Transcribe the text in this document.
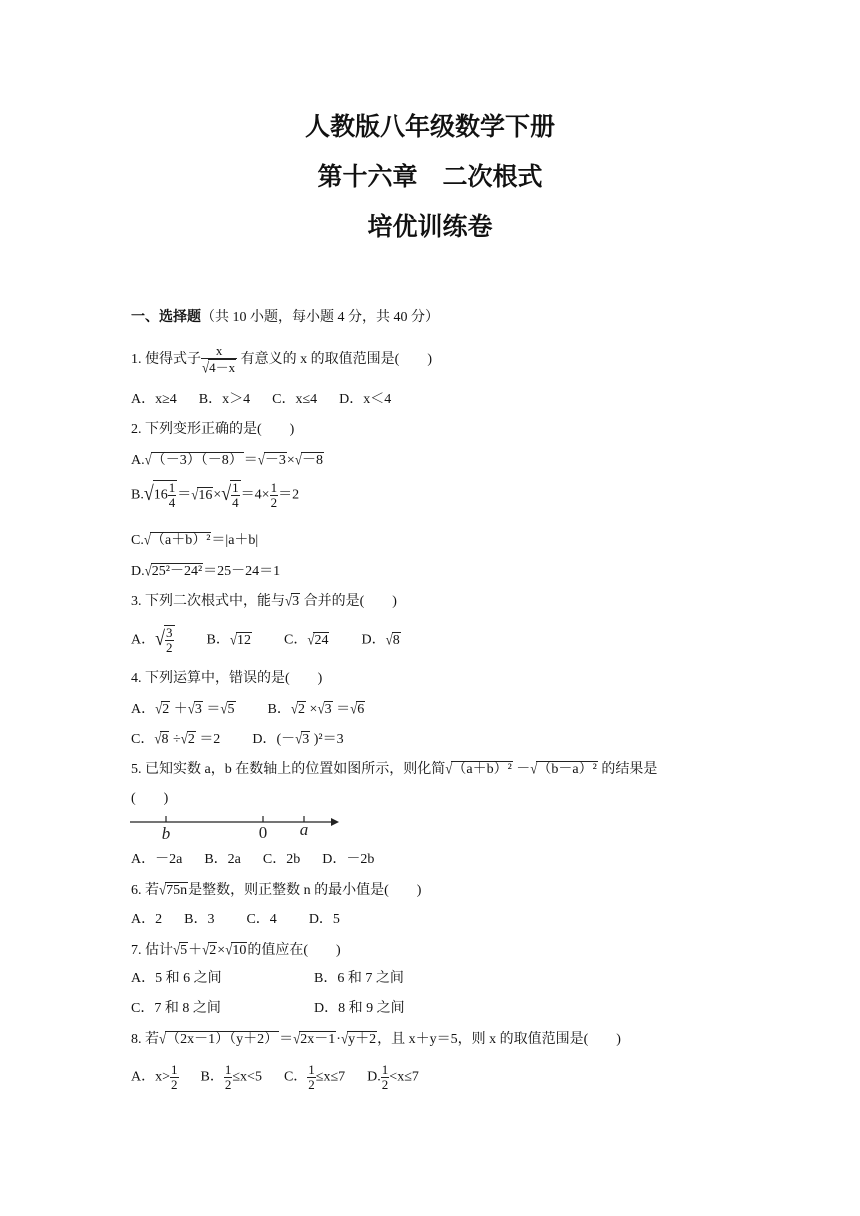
人教版八年级数学下册
第十六章　二次根式
培优训练卷
一、选择题（共 10 小题，每小题 4 分，共 40 分）
1. 使得式子 $\frac{x}{√4-x}$ 有意义的 x 的取值范围是(　　)
A．x≥4 B．x＞4 C．x≤4 D．x＜4
2. 下列变形正确的是(　　)
A.√（－3）（－8）＝√－3×√－8
$B.√16 \frac{1}{4} =√16\times√ \frac{1}{4} =4\times \frac{1}{2} =2$
C.√（a＋b）²＝|a＋b|
D.√25²－24²＝25－24＝1
3. 下列二次根式中，能与√3 合并的是(　　)
A．√ $\frac{3}{2}$ B．√12 C．√24 D．√8
4. 下列运算中，错误的是(　　)
A．√2 ＋√3 ＝√5 B．√2 ×√3 ＝√6
C．√8 ÷√2 ＝2 D．(－√3 )²＝3
5. 已知实数 a，b 在数轴上的位置如图所示，则化简√（a＋b）² －√（b－a）² 的结果是
(　　)
b	0 a
A．－2a B．2a C．2b D．－2b
6. 若√75n是整数，则正整数 n 的最小值是(　　)
A．2 B．3 C．4 D．5
7. 估计√5＋√2×√10的值应在(　　)
A．5 和 6 之间	B．6 和 7 之间
C．7 和 8 之间	D．8 和 9 之间
8. 若√（2x－1）（y＋2）＝√2x－1·√y＋2，且 x＋y＝5，则 x 的取值范围是(　　)
A．$x> \frac{1}{2}$ B． $\frac{1}{2} \le x<5$ C． $\frac{1}{2} \le x\le 7$ D. $\frac{1}{2} <x\le 7$
